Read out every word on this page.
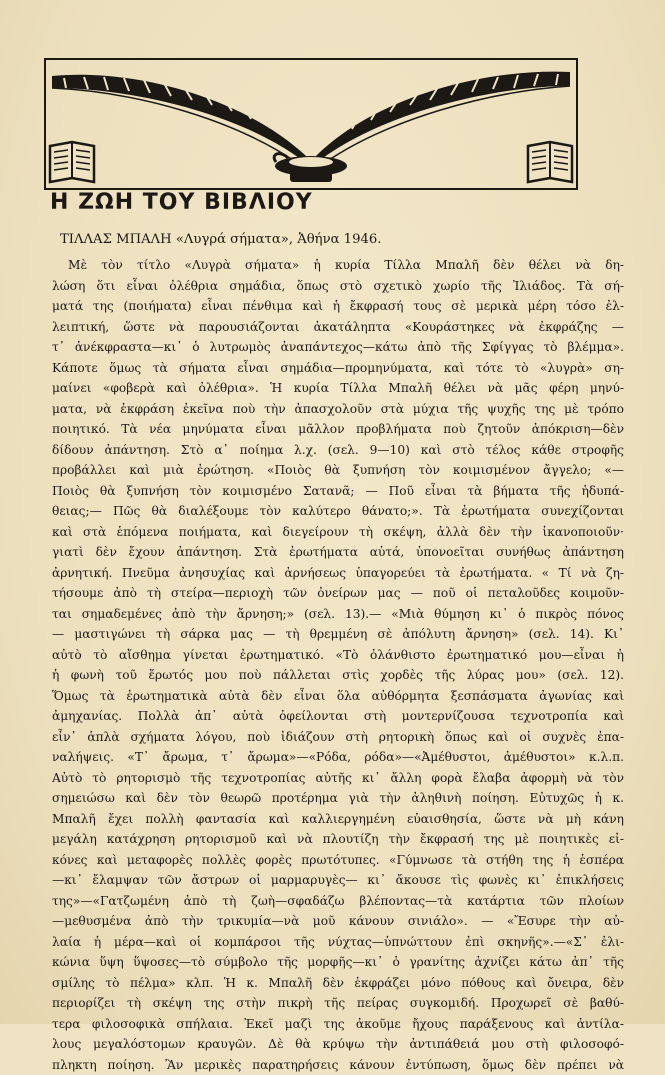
Η ΖΩΗ ΤΟΥ ΒΙΒΛΙΟΥ
ΤΙΛΛΑΣ ΜΠΑΛΗ «Λυγρά σήματα», Ἀθήνα 1946.
Μὲ τὸν τίτλο «Λυγρὰ σήματα» ἡ κυρία Τίλλα Μπαλῆ δὲν θέλει νὰ δη-
λώση ὅτι εἶναι ὀλέθρια σημάδια, ὅπως στὸ σχετικὸ χωρίο τῆς Ἰλιάδος. Τὰ σή-
ματά της (ποιήματα) εἶναι πένθιμα καὶ ἡ ἔκφρασή τους σὲ μερικὰ μέρη τόσο ἐλ-
λειπτική, ὥστε νὰ παρουσιάζονται ἀκατάληπτα «Κουράστηκες νὰ ἐκφράζης —
τ᾽ ἀνέκφραστα—κι᾽ ὁ λυτρωμὸς ἀναπάντεχος—κάτω ἀπὸ τῆς Σφίγγας τὸ βλέμμα».
Κάποτε ὅμως τὰ σήματα εἶναι σημάδια—προμηνύματα, καὶ τότε τὸ «λυγρὰ» ση-
μαίνει «φοβερὰ καὶ ὀλέθρια». Ἡ κυρία Τίλλα Μπαλῆ θέλει νὰ μᾶς φέρη μηνύ-
ματα, νὰ ἐκφράση ἐκεῖνα ποὺ τὴν ἀπασχολοῦν στὰ μύχια τῆς ψυχῆς της μὲ τρόπο
ποιητικό. Τὰ νέα μηνύματα εἶναι μᾶλλον προβλήματα ποὺ ζητοῦν ἀπόκριση—δὲν
δίδουν ἀπάντηση. Στὸ α᾽ ποίημα λ.χ. (σελ. 9—10) καὶ στὸ τέλος κάθε στροφῆς
προβάλλει καὶ μιὰ ἐρώτηση. «Ποιὸς θὰ ξυπνήση τὸν κοιμισμένον ἄγγελο; «—
Ποιὸς θὰ ξυπνήση τὸν κοιμισμένο Σατανᾶ; — Ποῦ εἶναι τὰ βήματα τῆς ἡδυπά-
θειας;— Πῶς θὰ διαλέξουμε τὸν καλύτερο θάνατο;». Τὰ ἐρωτήματα συνεχίζονται
καὶ στὰ ἑπόμενα ποιήματα, καὶ διεγείρουν τὴ σκέψη, ἀλλὰ δὲν τὴν ἱκανοποιοῦν·
γιατὶ δὲν ἔχουν ἀπάντηση. Στὰ ἐρωτήματα αὐτά, ὑπονοεῖται συνήθως ἀπάντηση
ἀρνητική. Πνεῦμα ἀνησυχίας καὶ ἀρνήσεως ὑπαγορεύει τὰ ἐρωτήματα. « Τί νὰ ζη-
τήσουμε ἀπὸ τὴ στείρα—περιοχὴ τῶν ὀνείρων μας — ποῦ οἱ πεταλοῦδες κοιμοῦν-
ται σημαδεμένες ἀπὸ τὴν ἄρνηση;» (σελ. 13).— «Μιὰ θύμηση κι᾽ ὁ πικρὸς πόνος
— μαστιγώνει τὴ σάρκα μας — τὴ θρεμμένη σὲ ἀπόλυτη ἄρνηση» (σελ. 14). Κι᾽
αὐτὸ τὸ αἴσθημα γίνεται ἐρωτηματικό. «Τὸ ὀλάνθιστο ἐρωτηματικό μου—εἶναι ἡ
ἡ φωνὴ τοῦ ἔρωτός μου ποὺ πάλλεται στὶς χορδὲς τῆς λύρας μου» (σελ. 12).
Ὅμως τὰ ἐρωτηματικὰ αὐτὰ δὲν εἶναι ὅλα αὐθόρμητα ξεσπάσματα ἀγωνίας καὶ
ἀμηχανίας. Πολλὰ ἀπ᾽ αὐτὰ ὀφείλονται στὴ μοντερνίζουσα τεχνοτροπία καὶ
εἶν᾽ ἁπλὰ σχήματα λόγου, ποὺ ἰδιάζουν στὴ ρητορικὴ ὅπως καὶ οἱ συχνὲς ἐπα-
ναλήψεις. «Τ᾽ ἄρωμα, τ᾽ ἄρωμα»—«Ρόδα, ρόδα»—«Ἀμέθυστοι, ἀμέθυστοι» κ.λ.π.
Αὐτὸ τὸ ρητορισμὸ τῆς τεχνοτροπίας αὐτῆς κι᾽ ἄλλη φορὰ ἔλαβα ἀφορμὴ νὰ τὸν
σημειώσω καὶ δὲν τὸν θεωρῶ προτέρημα γιὰ τὴν ἀληθινὴ ποίηση. Εὐτυχῶς ἡ κ.
Μπαλῆ ἔχει πολλὴ φαντασία καὶ καλλιεργημένη εὐαισθησία, ὥστε νὰ μὴ κάνη
μεγάλη κατάχρηση ρητορισμοῦ καὶ νὰ πλουτίζη τὴν ἔκφρασή της μὲ ποιητικὲς εἰ-
κόνες καὶ μεταφορὲς πολλὲς φορὲς πρωτότυπες. «Γύμνωσε τὰ στήθη της ἡ ἑσπέρα
—κι᾽ ἔλαμψαν τῶν ἄστρων οἱ μαρμαρυγὲς— κι᾽ ἄκουσε τὶς φωνὲς κι᾽ ἐπικλήσεις
της»—«Γατζωμένη ἀπὸ τὴ ζωὴ—σφαδάζω βλέποντας—τὰ κατάρτια τῶν πλοίων
—μεθυσμένα ἀπὸ τὴν τρικυμία—νὰ μοῦ κάνουν σινιάλο». — «Ἔσυρε τὴν αὐ-
λαία ἡ μέρα—καὶ οἱ κομπάρσοι τῆς νύχτας—ὑπνώττουν ἐπὶ σκηνῆς».—«Σ᾽ ἐλι-
κώνια ὕψη ὕψοσες—τὸ σύμβολο τῆς μορφῆς—κι᾽ ὁ γρανίτης ἀχνίζει κάτω ἀπ᾽ τῆς
σμίλης τὸ πέλμα» κλπ. Ἡ κ. Μπαλῆ δὲν ἐκφράζει μόνο πόθους καὶ ὄνειρα, δὲν
περιορίζει τὴ σκέψη της στὴν πικρὴ τῆς πείρας συγκομιδή. Προχωρεῖ σὲ βαθύ-
τερα φιλοσοφικὰ σπήλαια. Ἐκεῖ μαζὶ της ἀκοῦμε ἤχους παράξενους καὶ ἀντίλα-
λους μεγαλόστομων κραυγῶν. Δὲ θὰ κρύψω τὴν ἀντιπάθειά μου στὴ φιλοσοφό-
πληκτη ποίηση. Ἂν μερικὲς παρατηρήσεις κάνουν ἐντύπωση, ὅμως δὲν πρέπει νὰ
